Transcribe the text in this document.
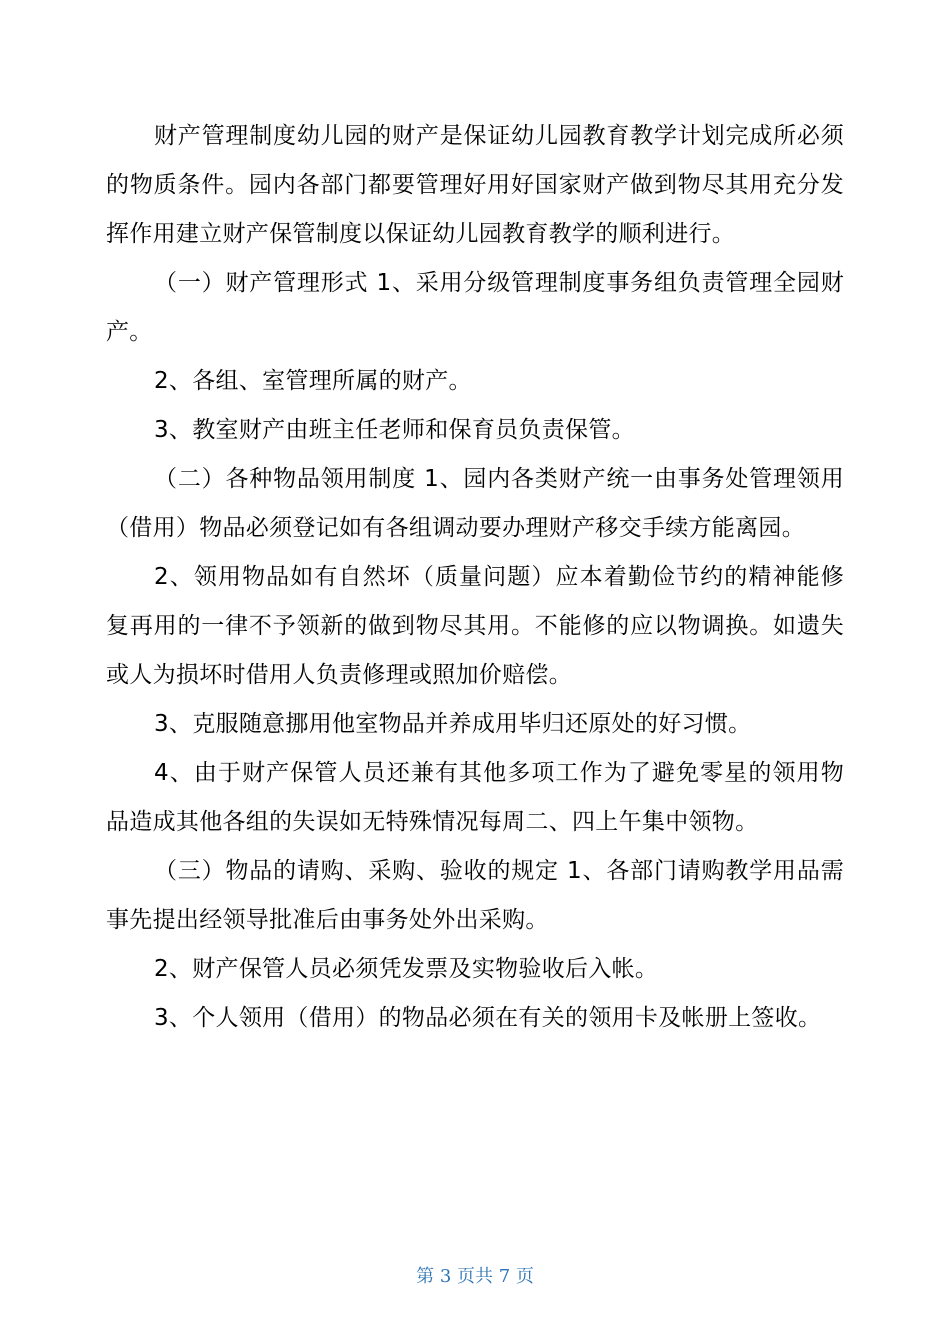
财产管理制度幼儿园的财产是保证幼儿园教育教学计划完成所必须的物质条件。园内各部门都要管理好用好国家财产做到物尽其用充分发挥作用建立财产保管制度以保证幼儿园教育教学的顺利进行。

（一）财产管理形式 1、采用分级管理制度事务组负责管理全园财产。

2、各组、室管理所属的财产。

3、教室财产由班主任老师和保育员负责保管。

（二）各种物品领用制度 1、园内各类财产统一由事务处管理领用（借用）物品必须登记如有各组调动要办理财产移交手续方能离园。

2、领用物品如有自然坏（质量问题）应本着勤俭节约的精神能修复再用的一律不予领新的做到物尽其用。不能修的应以物调换。如遗失或人为损坏时借用人负责修理或照加价赔偿。

3、克服随意挪用他室物品并养成用毕归还原处的好习惯。

4、由于财产保管人员还兼有其他多项工作为了避免零星的领用物品造成其他各组的失误如无特殊情况每周二、四上午集中领物。

（三）物品的请购、采购、验收的规定 1、各部门请购教学用品需事先提出经领导批准后由事务处外出采购。

2、财产保管人员必须凭发票及实物验收后入帐。

3、个人领用（借用）的物品必须在有关的领用卡及帐册上签收。

第 3 页共 7 页
